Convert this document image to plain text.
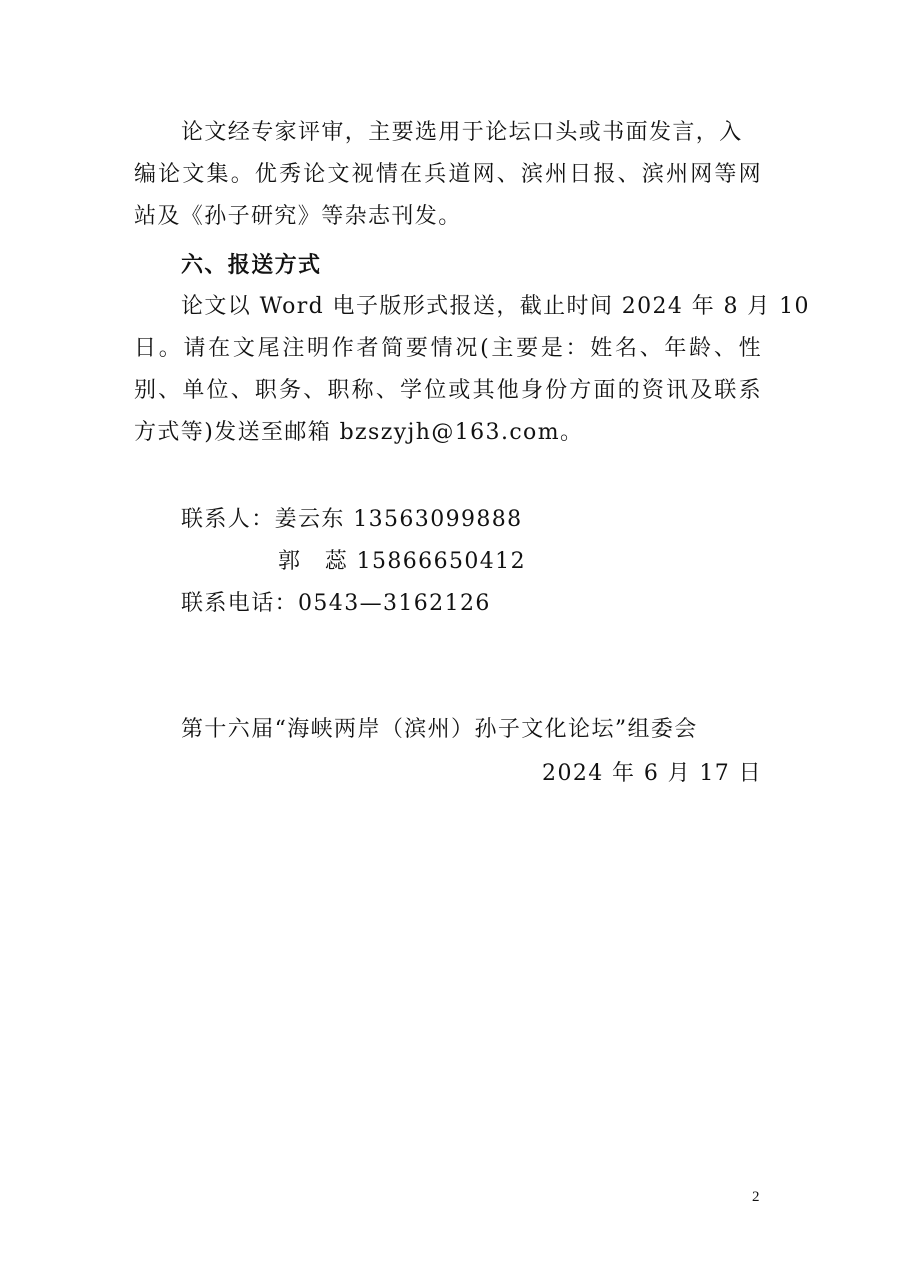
论文经专家评审，主要选用于论坛口头或书面发言，入
编论文集。优秀论文视情在兵道网、滨州日报、滨州网等网
站及《孙子研究》等杂志刊发。
六、报送方式
论文以 Word 电子版形式报送，截止时间 2024 年 8 月 10
日。请在文尾注明作者简要情况(主要是：姓名、年龄、性
别、单位、职务、职称、学位或其他身份方面的资讯及联系
方式等)发送至邮箱 bzszyjh@163.com。
联系人：姜云东 13563099888
郭　蕊 15866650412
联系电话：0543—3162126
第十六届“海峡两岸（滨州）孙子文化论坛”组委会
2024 年 6 月 17 日
2
